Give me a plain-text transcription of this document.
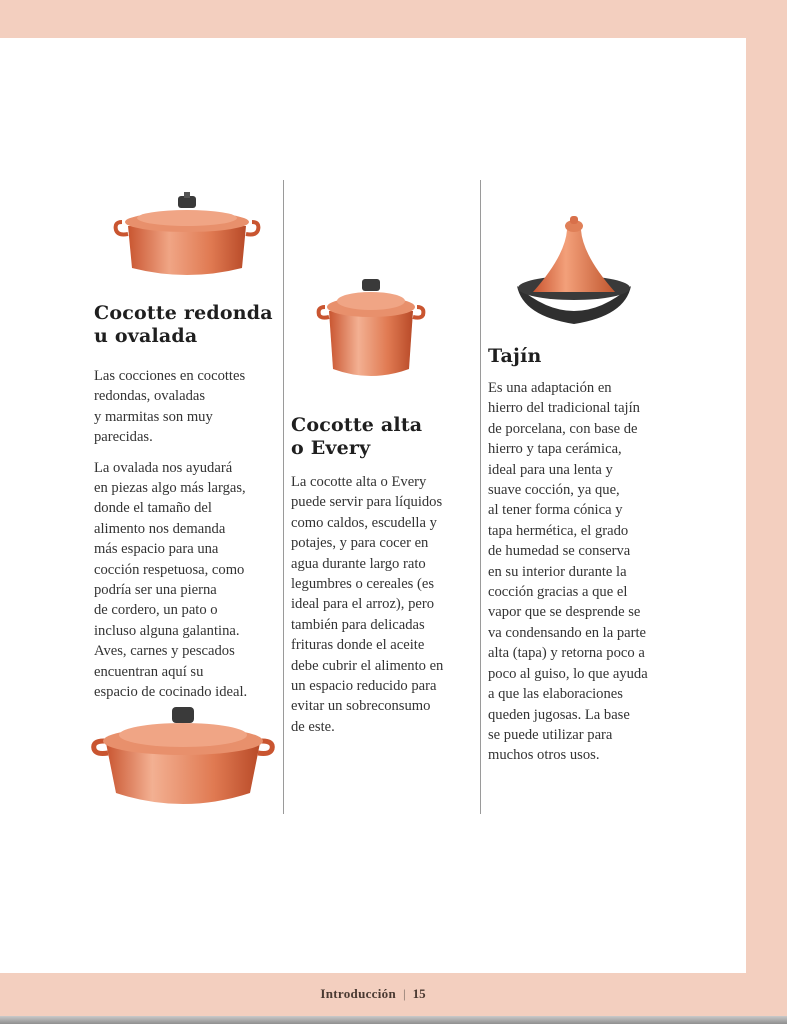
Cocotte redonda
u ovalada

Las cocciones en cocottes
redondas, ovaladas
y marmitas son muy
parecidas.

La ovalada nos ayudará
en piezas algo más largas,
donde el tamaño del
alimento nos demanda
más espacio para una
cocción respetuosa, como
podría ser una pierna
de cordero, un pato o
incluso alguna galantina.
Aves, carnes y pescados
encuentran aquí su
espacio de cocinado ideal.

Cocotte alta
o Every

La cocotte alta o Every
puede servir para líquidos
como caldos, escudella y
potajes, y para cocer en
agua durante largo rato
legumbres o cereales (es
ideal para el arroz), pero
también para delicadas
frituras donde el aceite
debe cubrir el alimento en
un espacio reducido para
evitar un sobreconsumo
de este.

Tajín

Es una adaptación en
hierro del tradicional tajín
de porcelana, con base de
hierro y tapa cerámica,
ideal para una lenta y
suave cocción, ya que,
al tener forma cónica y
tapa hermética, el grado
de humedad se conserva
en su interior durante la
cocción gracias a que el
vapor que se desprende se
va condensando en la parte
alta (tapa) y retorna poco a
poco al guiso, lo que ayuda
a que las elaboraciones
queden jugosas. La base
se puede utilizar para
muchos otros usos.

Introducción | 15
